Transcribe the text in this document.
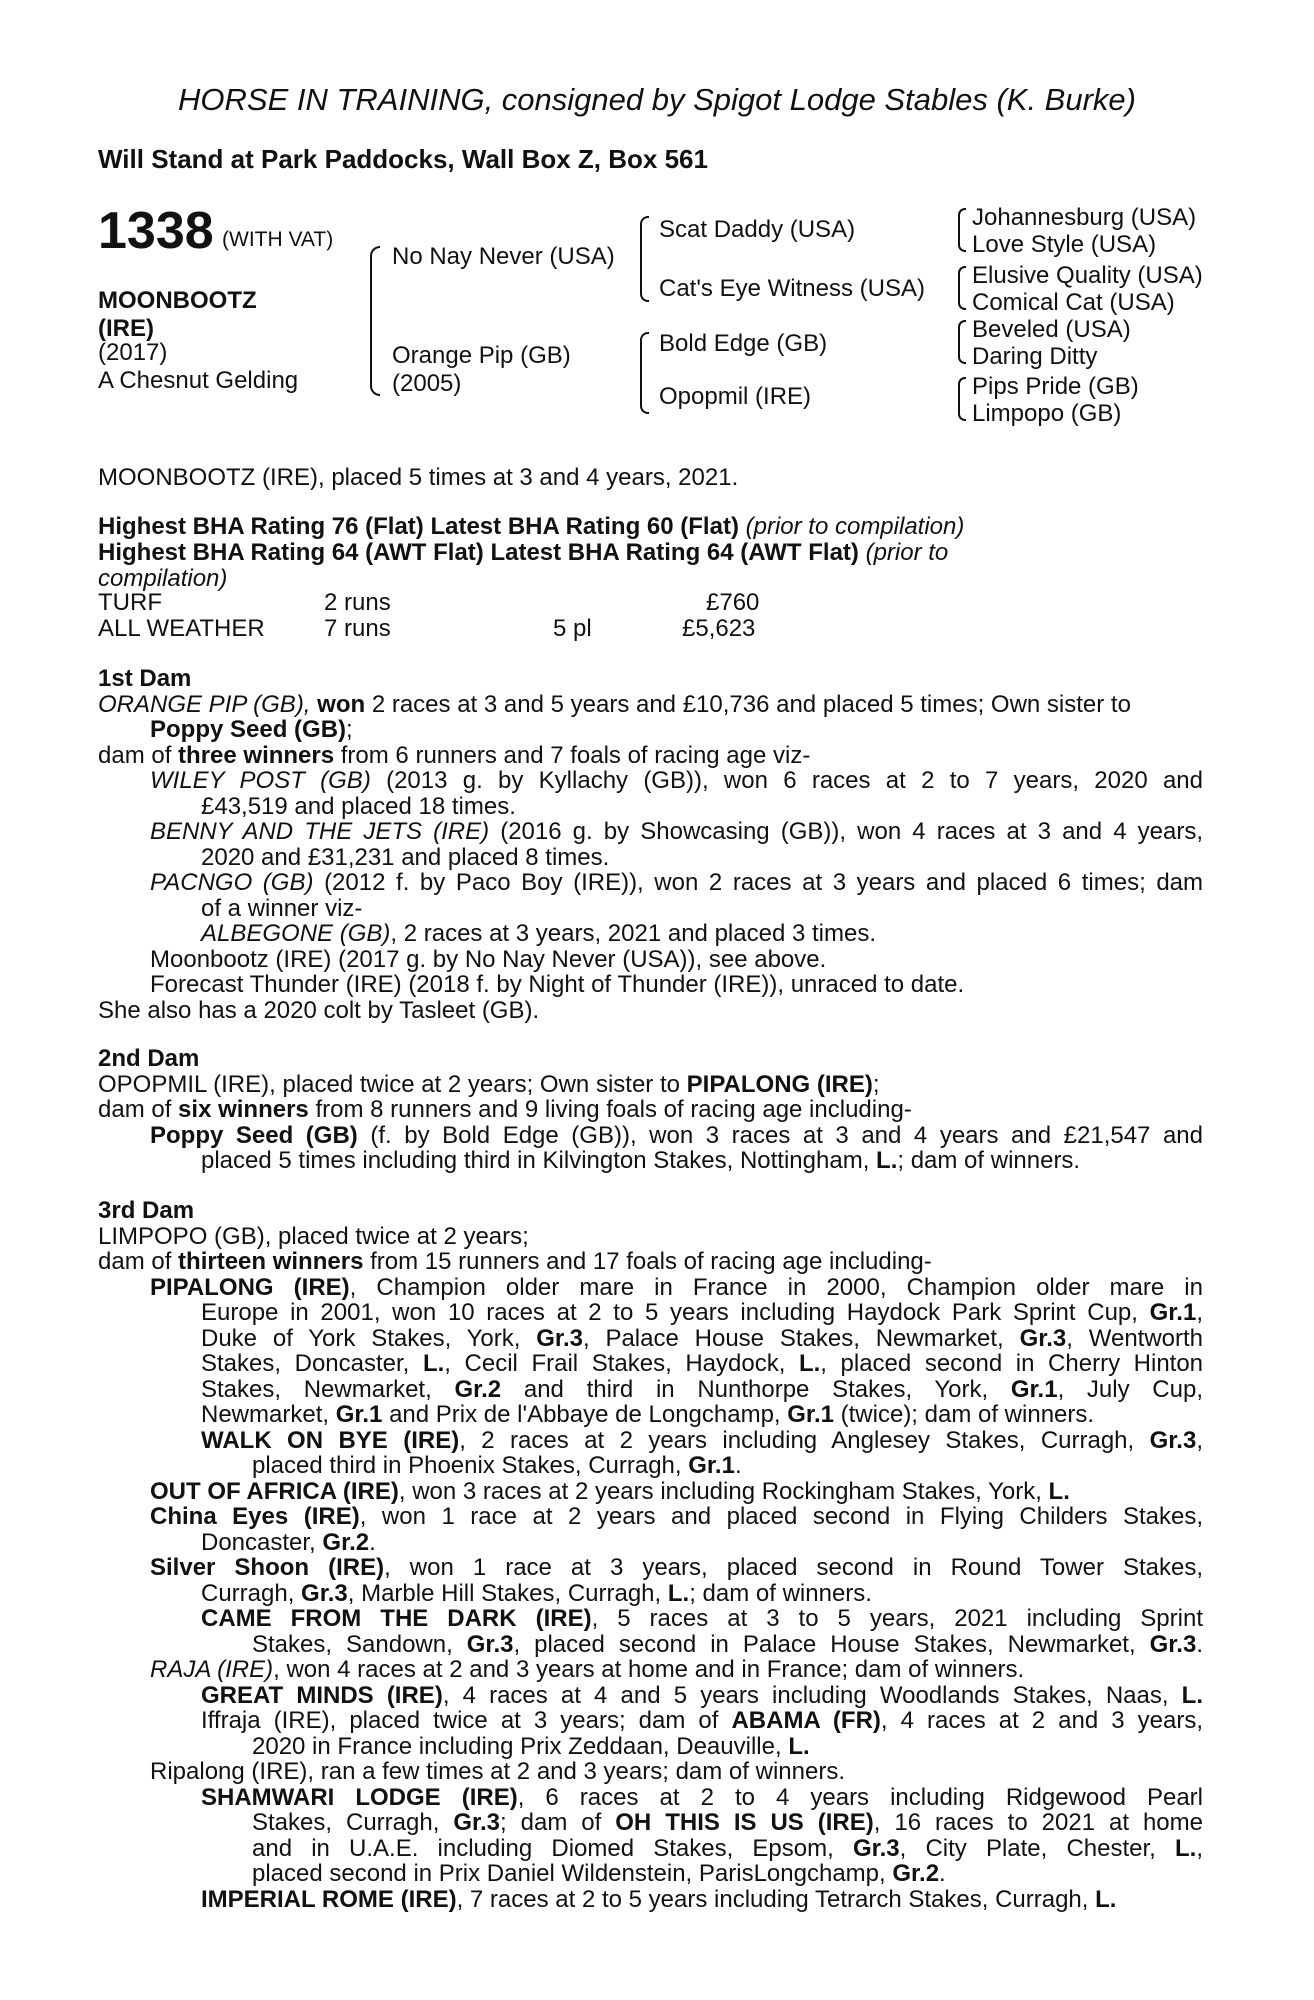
HORSE IN TRAINING, consigned by Spigot Lodge Stables (K. Burke)
Will Stand at Park Paddocks, Wall Box Z, Box 561
1338 (WITH VAT)
MOONBOOTZ
(IRE)
(2017)
A Chesnut Gelding
No Nay Never (USA)
Orange Pip (GB)
(2005)
Scat Daddy (USA)
Cat's Eye Witness (USA)
Bold Edge (GB)
Opopmil (IRE)
Johannesburg (USA)
Love Style (USA)
Elusive Quality (USA)
Comical Cat (USA)
Beveled (USA)
Daring Ditty
Pips Pride (GB)
Limpopo (GB)
MOONBOOTZ (IRE), placed 5 times at 3 and 4 years, 2021.
Highest BHA Rating 76 (Flat) Latest BHA Rating 60 (Flat) (prior to compilation)
Highest BHA Rating 64 (AWT Flat) Latest BHA Rating 64 (AWT Flat) (prior to
compilation)
TURF	2 runs	£760
ALL WEATHER 7 runs	5 pl	£5,623
1st Dam
ORANGE PIP (GB), won 2 races at 3 and 5 years and £10,736 and placed 5 times; Own sister to
Poppy Seed (GB);
dam of three winners from 6 runners and 7 foals of racing age viz-
WILEY POST (GB) (2013 g. by Kyllachy (GB)), won 6 races at 2 to 7 years, 2020 and
£43,519 and placed 18 times.
BENNY AND THE JETS (IRE) (2016 g. by Showcasing (GB)), won 4 races at 3 and 4 years,
2020 and £31,231 and placed 8 times.
PACNGO (GB) (2012 f. by Paco Boy (IRE)), won 2 races at 3 years and placed 6 times; dam
of a winner viz-
ALBEGONE (GB), 2 races at 3 years, 2021 and placed 3 times.
Moonbootz (IRE) (2017 g. by No Nay Never (USA)), see above.
Forecast Thunder (IRE) (2018 f. by Night of Thunder (IRE)), unraced to date.
She also has a 2020 colt by Tasleet (GB).
2nd Dam
OPOPMIL (IRE), placed twice at 2 years; Own sister to PIPALONG (IRE);
dam of six winners from 8 runners and 9 living foals of racing age including-
Poppy Seed (GB) (f. by Bold Edge (GB)), won 3 races at 3 and 4 years and £21,547 and
placed 5 times including third in Kilvington Stakes, Nottingham, L.; dam of winners.
3rd Dam
LIMPOPO (GB), placed twice at 2 years;
dam of thirteen winners from 15 runners and 17 foals of racing age including-
PIPALONG (IRE), Champion older mare in France in 2000, Champion older mare in
Europe in 2001, won 10 races at 2 to 5 years including Haydock Park Sprint Cup, Gr.1,
Duke of York Stakes, York, Gr.3, Palace House Stakes, Newmarket, Gr.3, Wentworth
Stakes, Doncaster, L., Cecil Frail Stakes, Haydock, L., placed second in Cherry Hinton
Stakes, Newmarket, Gr.2 and third in Nunthorpe Stakes, York, Gr.1, July Cup,
Newmarket, Gr.1 and Prix de l'Abbaye de Longchamp, Gr.1 (twice); dam of winners.
WALK ON BYE (IRE), 2 races at 2 years including Anglesey Stakes, Curragh, Gr.3,
placed third in Phoenix Stakes, Curragh, Gr.1.
OUT OF AFRICA (IRE), won 3 races at 2 years including Rockingham Stakes, York, L.
China Eyes (IRE), won 1 race at 2 years and placed second in Flying Childers Stakes,
Doncaster, Gr.2.
Silver Shoon (IRE), won 1 race at 3 years, placed second in Round Tower Stakes,
Curragh, Gr.3, Marble Hill Stakes, Curragh, L.; dam of winners.
CAME FROM THE DARK (IRE), 5 races at 3 to 5 years, 2021 including Sprint
Stakes, Sandown, Gr.3, placed second in Palace House Stakes, Newmarket, Gr.3.
RAJA (IRE), won 4 races at 2 and 3 years at home and in France; dam of winners.
GREAT MINDS (IRE), 4 races at 4 and 5 years including Woodlands Stakes, Naas, L.
Iffraja (IRE), placed twice at 3 years; dam of ABAMA (FR), 4 races at 2 and 3 years,
2020 in France including Prix Zeddaan, Deauville, L.
Ripalong (IRE), ran a few times at 2 and 3 years; dam of winners.
SHAMWARI LODGE (IRE), 6 races at 2 to 4 years including Ridgewood Pearl
Stakes, Curragh, Gr.3; dam of OH THIS IS US (IRE), 16 races to 2021 at home
and in U.A.E. including Diomed Stakes, Epsom, Gr.3, City Plate, Chester, L.,
placed second in Prix Daniel Wildenstein, ParisLongchamp, Gr.2.
IMPERIAL ROME (IRE), 7 races at 2 to 5 years including Tetrarch Stakes, Curragh, L.
